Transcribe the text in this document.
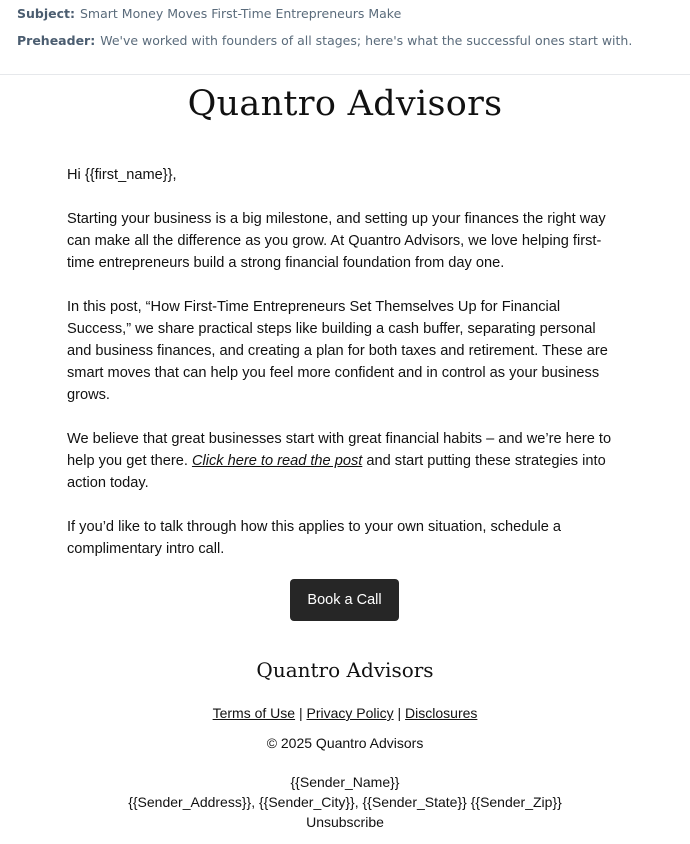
Subject: Smart Money Moves First-Time Entrepreneurs Make
Preheader: We've worked with founders of all stages; here's what the successful ones start with.
Quantro Advisors

Hi {{first_name}},

Starting your business is a big milestone, and setting up your finances the right way can make all the difference as you grow. At Quantro Advisors, we love helping first-time entrepreneurs build a strong financial foundation from day one.

In this post, “How First-Time Entrepreneurs Set Themselves Up for Financial Success,” we share practical steps like building a cash buffer, separating personal and business finances, and creating a plan for both taxes and retirement. These are smart moves that can help you feel more confident and in control as your business grows.

We believe that great businesses start with great financial habits – and we’re here to help you get there. Click here to read the post and start putting these strategies into action today.

If you’d like to talk through how this applies to your own situation, schedule a complimentary intro call.

Book a Call
Quantro Advisors
Terms of Use | Privacy Policy | Disclosures
© 2025 Quantro Advisors
{{Sender_Name}}
{{Sender_Address}}, {{Sender_City}}, {{Sender_State}} {{Sender_Zip}}
Unsubscribe
